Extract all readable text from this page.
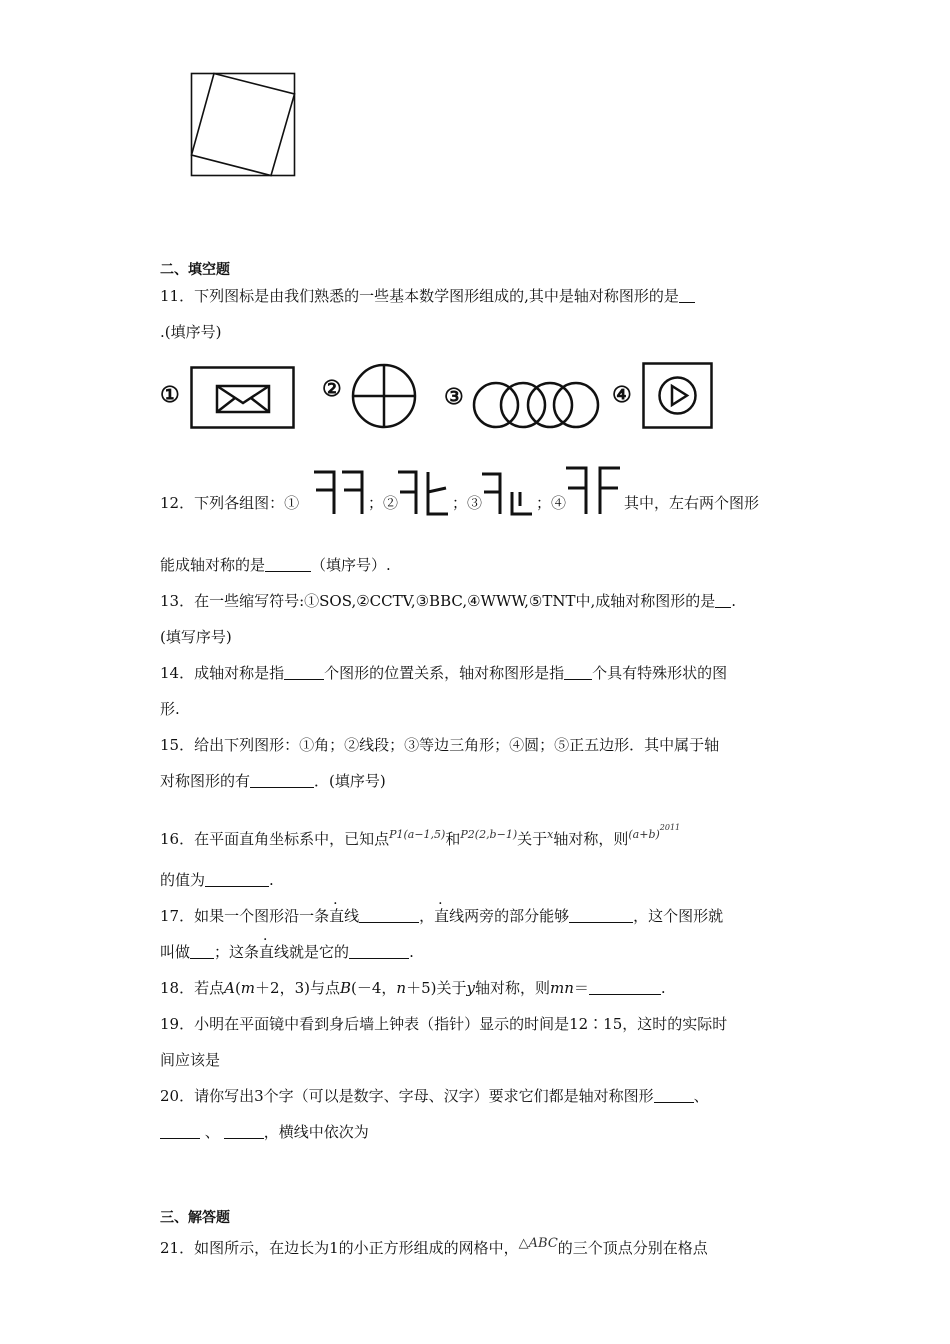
二、填空题
11．下列图标是由我们熟悉的一些基本数学图形组成的,其中是轴对称图形的是
.(填序号)
①	②	③	④
12．下列各组图：①	；②	；③	；④	其中，左右两个图形
能成轴对称的是	（填序号）.
13．在一些缩写符号:①SOS,②CCTV,③BBC,④WWW,⑤TNT中,成轴对称图形的是 .
(填写序号)
14．成轴对称是指	个图形的位置关系，轴对称图形是指 个具有特殊形状的图
形.
15．给出下列图形：①角；②线段；③等边三角形；④圆；⑤正五边形．其中属于轴
对称图形的有	．(填序号)
16．在平面直角坐标系中，已知点P1(a−1,5)和P2(2,b−1)关于x轴对称，则$(a+b)^{2011}$
的值为	.
17．如果一个图形沿一条直线	，直线两旁的部分能够	，这个图形就
叫做 ；这条直线就是它的	.
18．若点A(m＋2，3)与点B(－4，n＋5)关于y轴对称，则mn＝	.
19．小明在平面镜中看到身后墙上钟表（指针）显示的时间是12∶15，这时的实际时
间应该是
20．请你写出3个字（可以是数字、字母、汉字）要求它们都是轴对称图形	、
、	，横线中依次为
三、解答题
21．如图所示，在边长为1的小正方形组成的网格中，△ABC的三个顶点分别在格点
